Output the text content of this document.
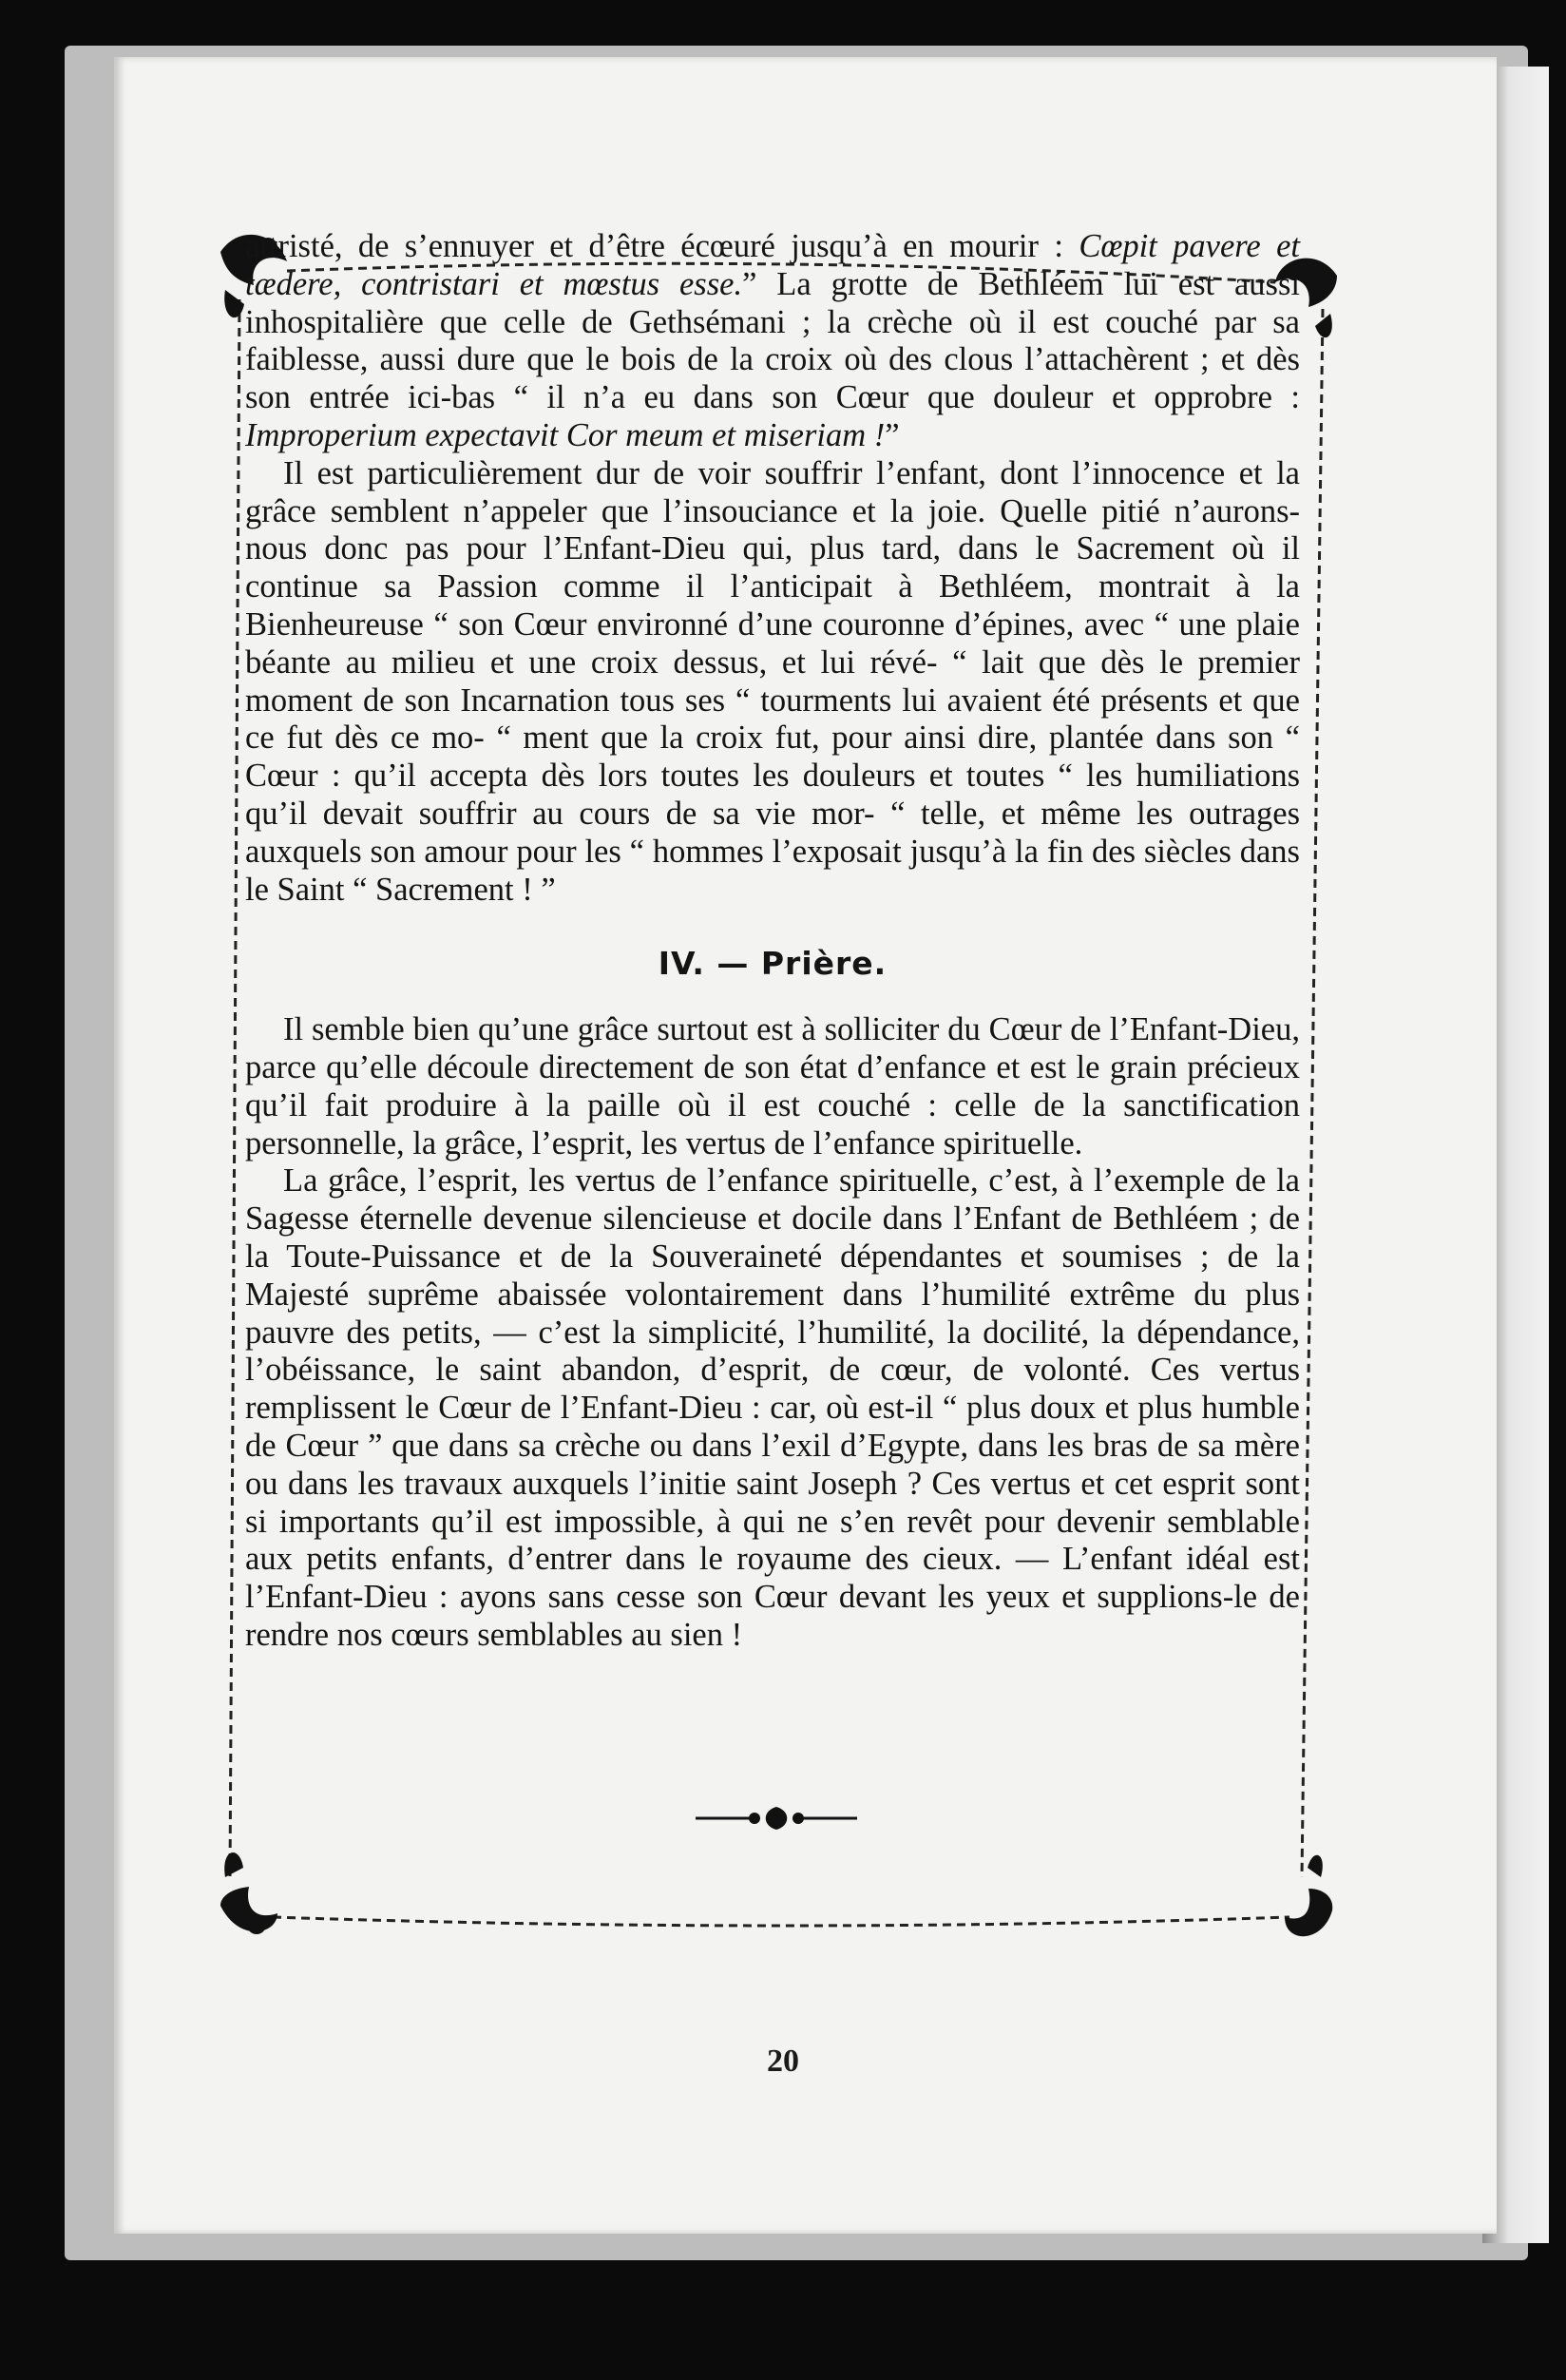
attristé, de s’ennuyer et d’être écœuré jusqu’à en mourir : Cœpit pavere et tædere, contristari et mœstus esse.” La grotte de Bethléem lui est aussi inhospitalière que celle de Gethsémani ; la crèche où il est couché par sa faiblesse, aussi dure que le bois de la croix où des clous l’attachèrent ; et dès son entrée ici-bas “ il n’a eu dans son Cœur que douleur et opprobre : Improperium expectavit Cor meum et miseriam !”

Il est particulièrement dur de voir souffrir l’enfant, dont l’innocence et la grâce semblent n’appeler que l’insouciance et la joie. Quelle pitié n’aurons-nous donc pas pour l’Enfant-Dieu qui, plus tard, dans le Sacrement où il continue sa Passion comme il l’anticipait à Bethléem, montrait à la Bienheureuse “ son Cœur environné d’une couronne d’épines, avec “ une plaie béante au milieu et une croix dessus, et lui révé- “ lait que dès le premier moment de son Incarnation tous ses “ tourments lui avaient été présents et que ce fut dès ce mo- “ ment que la croix fut, pour ainsi dire, plantée dans son “ Cœur : qu’il accepta dès lors toutes les douleurs et toutes “ les humiliations qu’il devait souffrir au cours de sa vie mor- “ telle, et même les outrages auxquels son amour pour les “ hommes l’exposait jusqu’à la fin des siècles dans le Saint “ Sacrement ! ”

IV. — Prière.

Il semble bien qu’une grâce surtout est à solliciter du Cœur de l’Enfant-Dieu, parce qu’elle découle directement de son état d’enfance et est le grain précieux qu’il fait produire à la paille où il est couché : celle de la sanctification personnelle, la grâce, l’esprit, les vertus de l’enfance spirituelle.

La grâce, l’esprit, les vertus de l’enfance spirituelle, c’est, à l’exemple de la Sagesse éternelle devenue silencieuse et docile dans l’Enfant de Bethléem ; de la Toute-Puissance et de la Souveraineté dépendantes et soumises ; de la Majesté suprême abaissée volontairement dans l’humilité extrême du plus pauvre des petits, — c’est la simplicité, l’humilité, la docilité, la dépendance, l’obéissance, le saint abandon, d’esprit, de cœur, de volonté. Ces vertus remplissent le Cœur de l’Enfant-Dieu : car, où est-il “ plus doux et plus humble de Cœur ” que dans sa crèche ou dans l’exil d’Egypte, dans les bras de sa mère ou dans les travaux auxquels l’initie saint Joseph ? Ces vertus et cet esprit sont si importants qu’il est impossible, à qui ne s’en revêt pour devenir semblable aux petits enfants, d’entrer dans le royaume des cieux. — L’enfant idéal est l’Enfant-Dieu : ayons sans cesse son Cœur devant les yeux et supplions-le de rendre nos cœurs semblables au sien !

20
